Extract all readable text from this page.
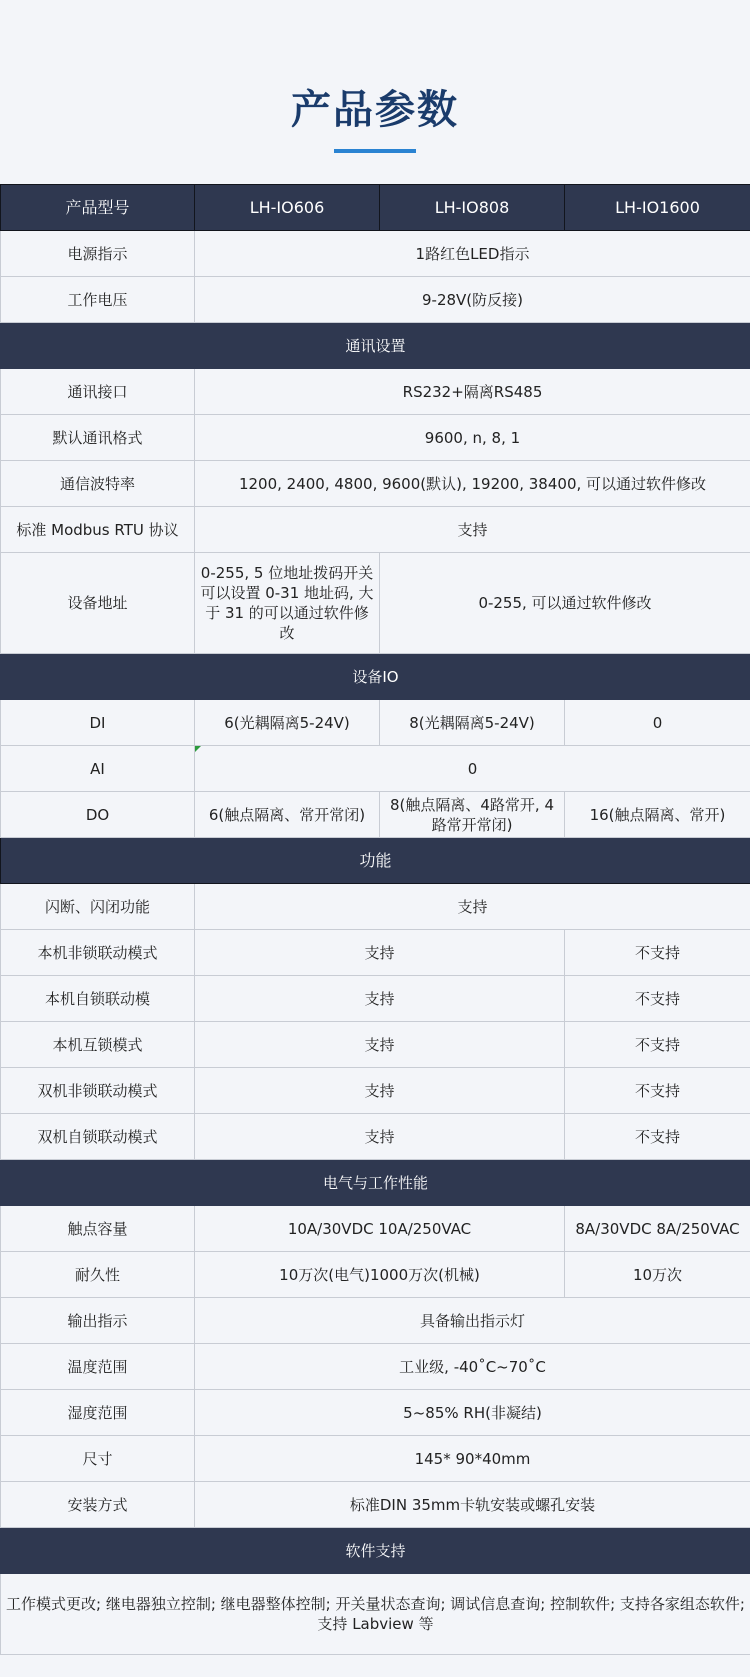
产品参数
产品型号	LH-IO606	LH-IO808	LH-IO1600
电源指示	1路红色LED指示		
工作电压	9-28V(防反接)		
通讯设置			
通讯接口	RS232+隔离RS485		
默认通讯格式	9600, n, 8, 1		
通信波特率	1200, 2400, 4800, 9600(默认), 19200, 38400, 可以通过软件修改		
标准 Modbus RTU 协议	支持		
设备地址	0-255, 5 位地址拨码开关可以设置 0-31 地址码, 大于 31 的可以通过软件修改	0-255, 可以通过软件修改	
设备IO			
DI	6(光耦隔离5-24V)	8(光耦隔离5-24V)	0
AI	0		
DO	6(触点隔离、常开常闭)	8(触点隔离、4路常开, 4路常开常闭)	16(触点隔离、常开)
功能			
闪断、闪闭功能	支持		
本机非锁联动模式	支持		不支持
本机自锁联动模	支持		不支持
本机互锁模式	支持		不支持
双机非锁联动模式	支持		不支持
双机自锁联动模式	支持		不支持
电气与工作性能			
触点容量	10A/30VDC 10A/250VAC		8A/30VDC 8A/250VAC
耐久性	10万次(电气)1000万次(机械)		10万次
输出指示	具备输出指示灯		
温度范围	工业级, -40˚C~70˚C		
湿度范围	5~85% RH(非凝结)		
尺寸	145* 90*40mm		
安装方式	标准DIN 35mm卡轨安装或螺孔安装		
软件支持			
工作模式更改; 继电器独立控制; 继电器整体控制; 开关量状态查询; 调试信息查询; 控制软件; 支持各家组态软件; 支持 Labview 等			
